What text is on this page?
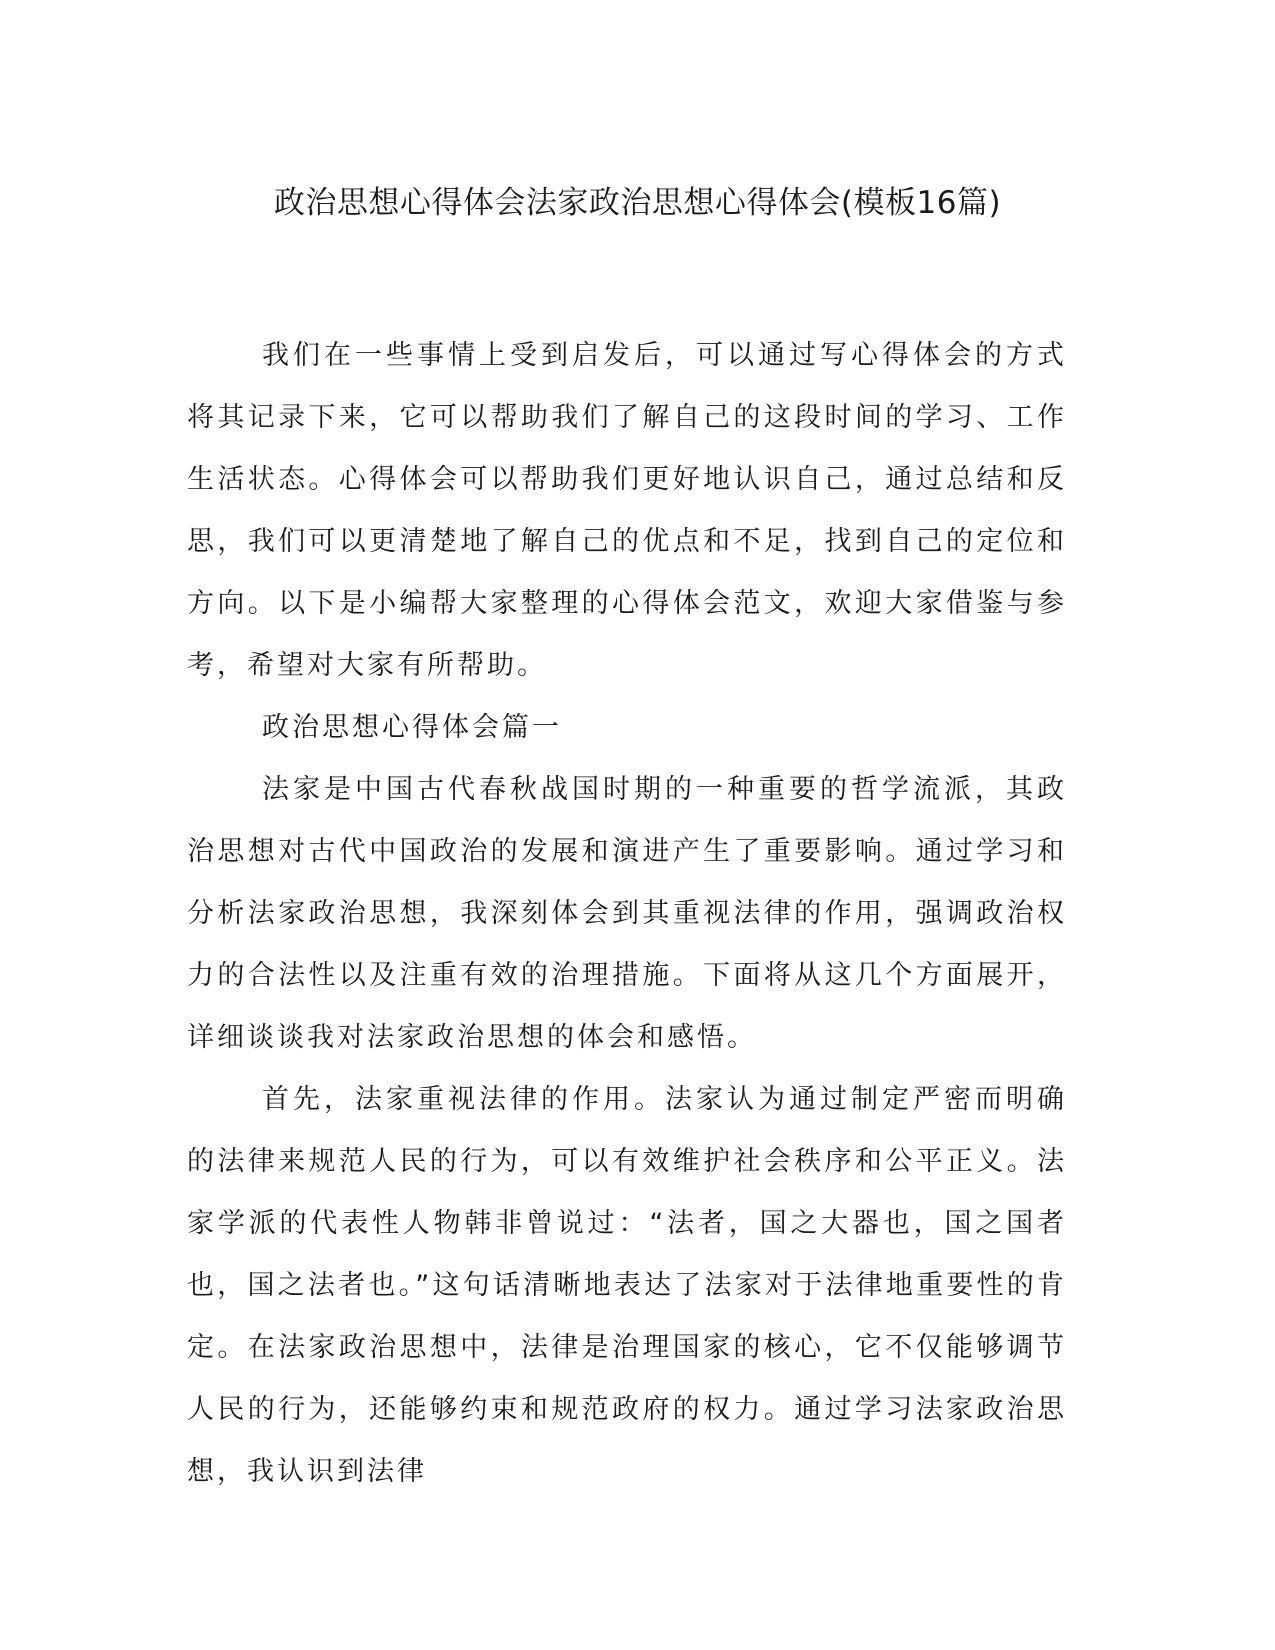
政治思想心得体会法家政治思想心得体会(模板16篇)

我们在一些事情上受到启发后，可以通过写心得体会的方式将其记录下来，它可以帮助我们了解自己的这段时间的学习、工作生活状态。心得体会可以帮助我们更好地认识自己，通过总结和反思，我们可以更清楚地了解自己的优点和不足，找到自己的定位和方向。以下是小编帮大家整理的心得体会范文，欢迎大家借鉴与参考，希望对大家有所帮助。

政治思想心得体会篇一

法家是中国古代春秋战国时期的一种重要的哲学流派，其政治思想对古代中国政治的发展和演进产生了重要影响。通过学习和分析法家政治思想，我深刻体会到其重视法律的作用，强调政治权力的合法性以及注重有效的治理措施。下面将从这几个方面展开，详细谈谈我对法家政治思想的体会和感悟。

首先，法家重视法律的作用。法家认为通过制定严密而明确的法律来规范人民的行为，可以有效维护社会秩序和公平正义。法家学派的代表性人物韩非曾说过：“法者，国之大器也，国之国者也，国之法者也。”这句话清晰地表达了法家对于法律地重要性的肯定。在法家政治思想中，法律是治理国家的核心，它不仅能够调节人民的行为，还能够约束和规范政府的权力。通过学习法家政治思想，我认识到法律
